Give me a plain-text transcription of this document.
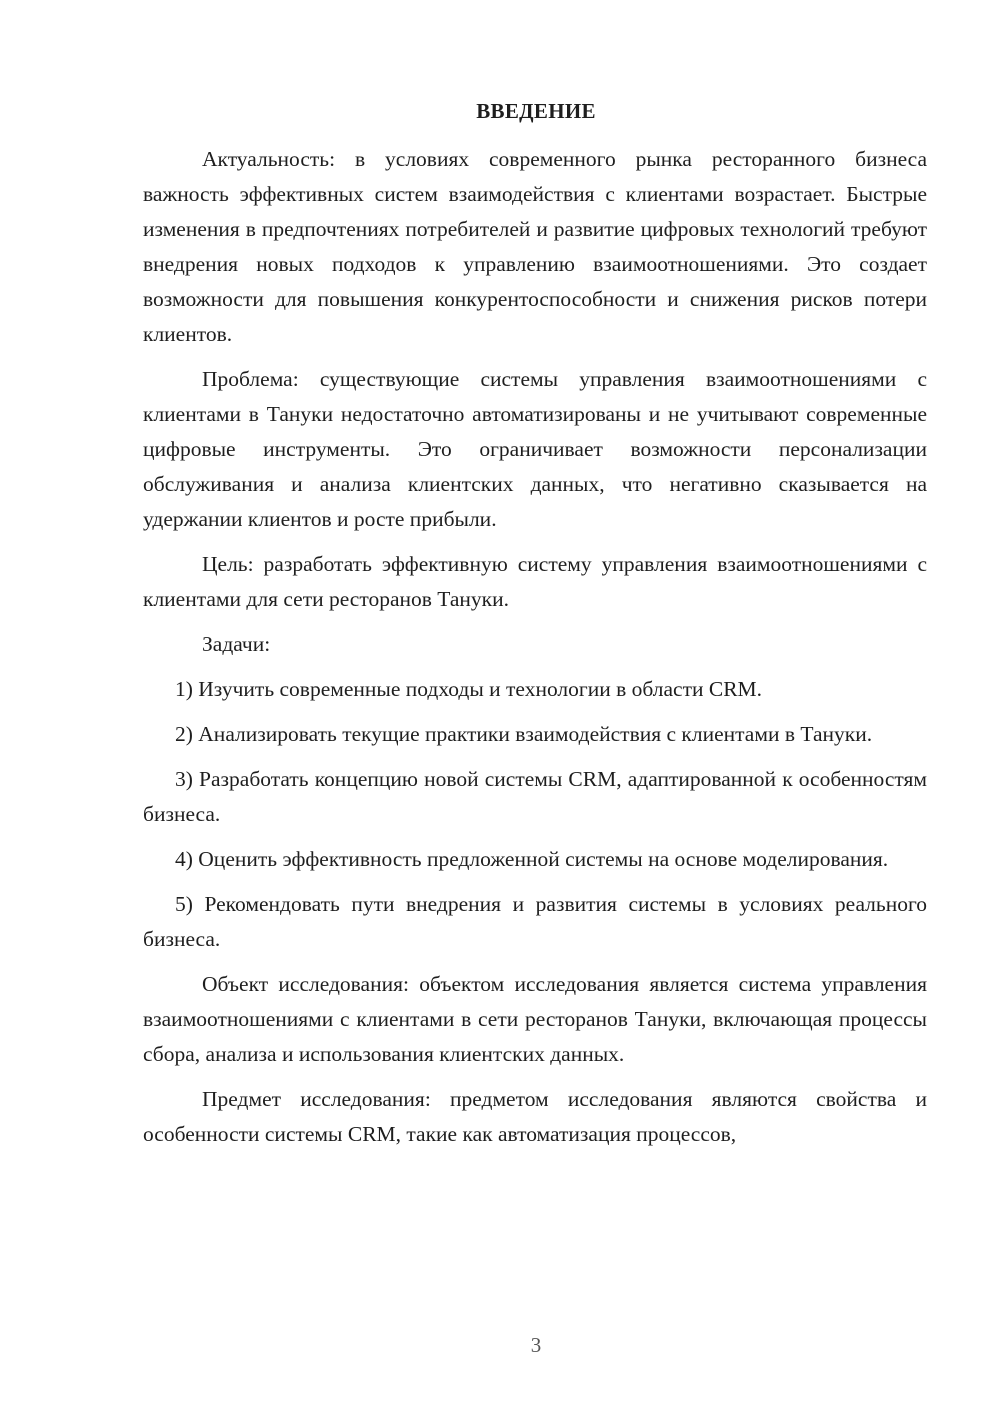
ВВЕДЕНИЕ

Актуальность: в условиях современного рынка ресторанного бизнеса важность эффективных систем взаимодействия с клиентами возрастает. Быстрые изменения в предпочтениях потребителей и развитие цифровых технологий требуют внедрения новых подходов к управлению взаимоотношениями. Это создает возможности для повышения конкурентоспособности и снижения рисков потери клиентов.

Проблема: существующие системы управления взаимоотношениями с клиентами в Тануки недостаточно автоматизированы и не учитывают современные цифровые инструменты. Это ограничивает возможности персонализации обслуживания и анализа клиентских данных, что негативно сказывается на удержании клиентов и росте прибыли.

Цель: разработать эффективную систему управления взаимоотношениями с клиентами для сети ресторанов Тануки.

Задачи:

1) Изучить современные подходы и технологии в области CRM.

2) Анализировать текущие практики взаимодействия с клиентами в Тануки.

3) Разработать концепцию новой системы CRM, адаптированной к особенностям бизнеса.

4) Оценить эффективность предложенной системы на основе моделирования.

5) Рекомендовать пути внедрения и развития системы в условиях реального бизнеса.

Объект исследования: объектом исследования является система управления взаимоотношениями с клиентами в сети ресторанов Тануки, включающая процессы сбора, анализа и использования клиентских данных.

Предмет исследования: предметом исследования являются свойства и особенности системы CRM, такие как автоматизация процессов,

3
